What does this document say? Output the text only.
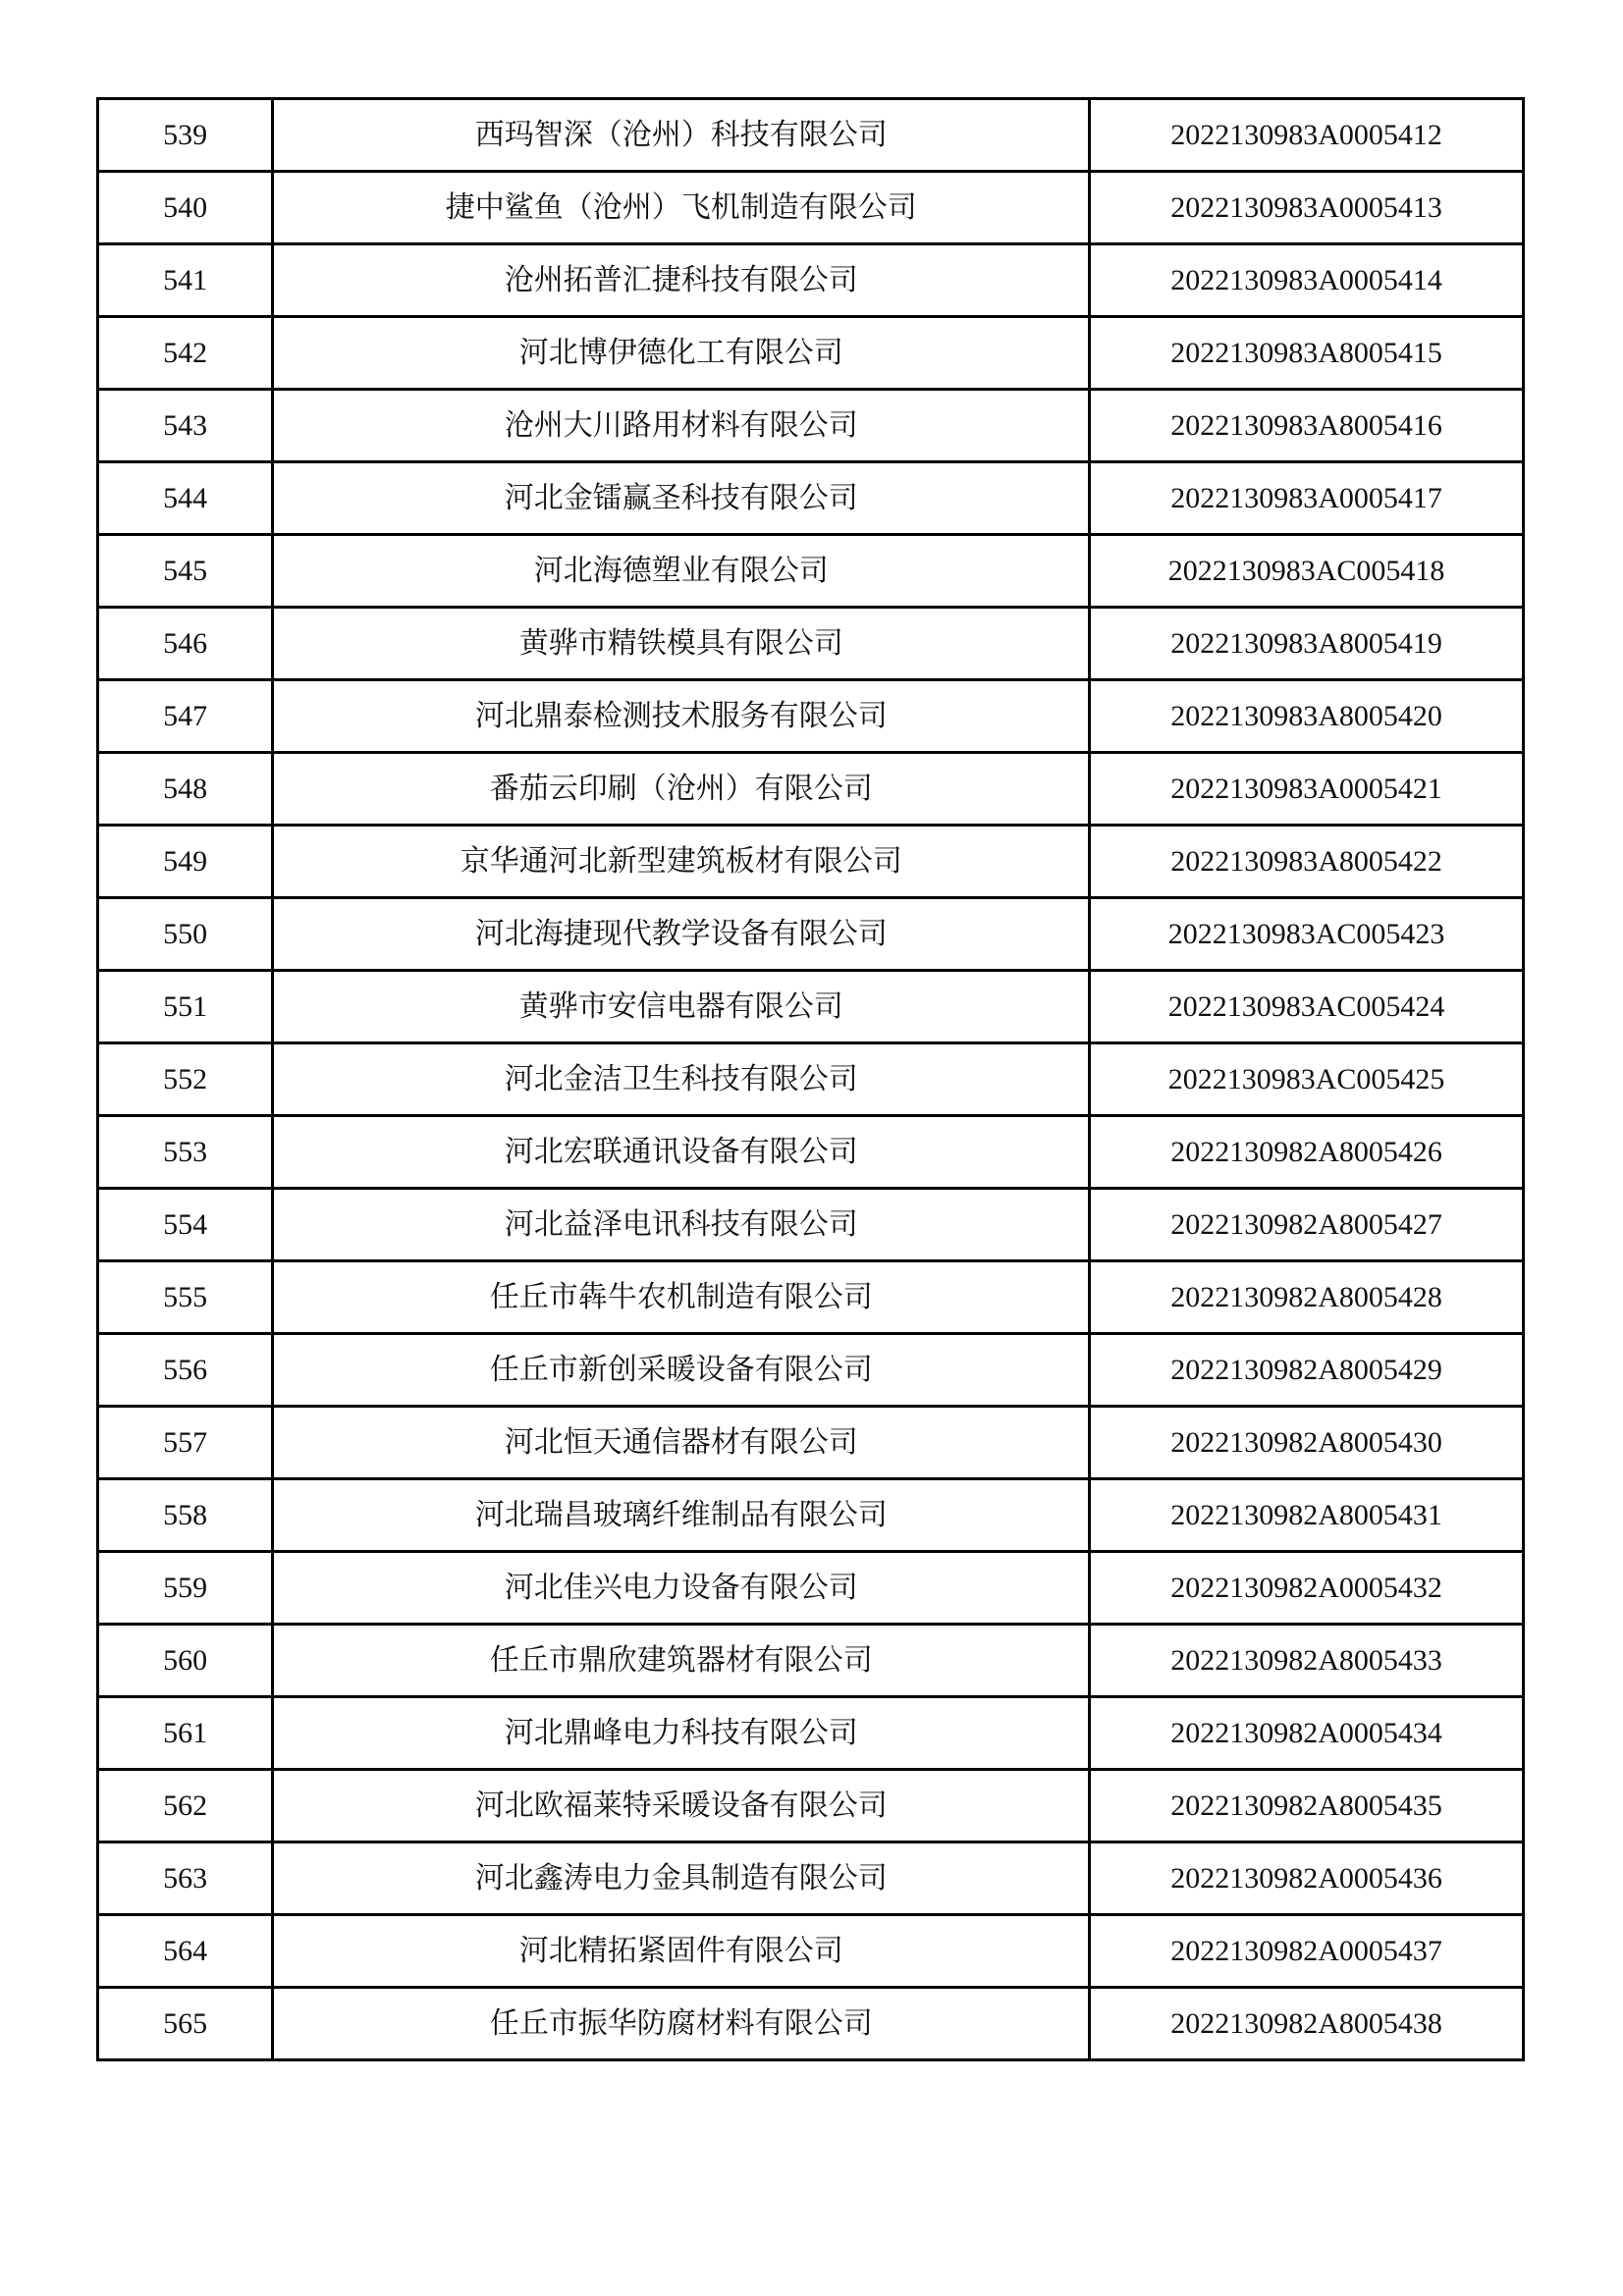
539	西玛智深（沧州）科技有限公司	2022130983A0005412
540	捷中鲨鱼（沧州）飞机制造有限公司	2022130983A0005413
541	沧州拓普汇捷科技有限公司	2022130983A0005414
542	河北博伊德化工有限公司	2022130983A8005415
543	沧州大川路用材料有限公司	2022130983A8005416
544	河北金镭赢圣科技有限公司	2022130983A0005417
545	河北海德塑业有限公司	2022130983AC005418
546	黄骅市精铁模具有限公司	2022130983A8005419
547	河北鼎泰检测技术服务有限公司	2022130983A8005420
548	番茄云印刷（沧州）有限公司	2022130983A0005421
549	京华通河北新型建筑板材有限公司	2022130983A8005422
550	河北海捷现代教学设备有限公司	2022130983AC005423
551	黄骅市安信电器有限公司	2022130983AC005424
552	河北金洁卫生科技有限公司	2022130983AC005425
553	河北宏联通讯设备有限公司	2022130982A8005426
554	河北益泽电讯科技有限公司	2022130982A8005427
555	任丘市犇牛农机制造有限公司	2022130982A8005428
556	任丘市新创采暖设备有限公司	2022130982A8005429
557	河北恒天通信器材有限公司	2022130982A8005430
558	河北瑞昌玻璃纤维制品有限公司	2022130982A8005431
559	河北佳兴电力设备有限公司	2022130982A0005432
560	任丘市鼎欣建筑器材有限公司	2022130982A8005433
561	河北鼎峰电力科技有限公司	2022130982A0005434
562	河北欧福莱特采暖设备有限公司	2022130982A8005435
563	河北鑫涛电力金具制造有限公司	2022130982A0005436
564	河北精拓紧固件有限公司	2022130982A0005437
565	任丘市振华防腐材料有限公司	2022130982A8005438
